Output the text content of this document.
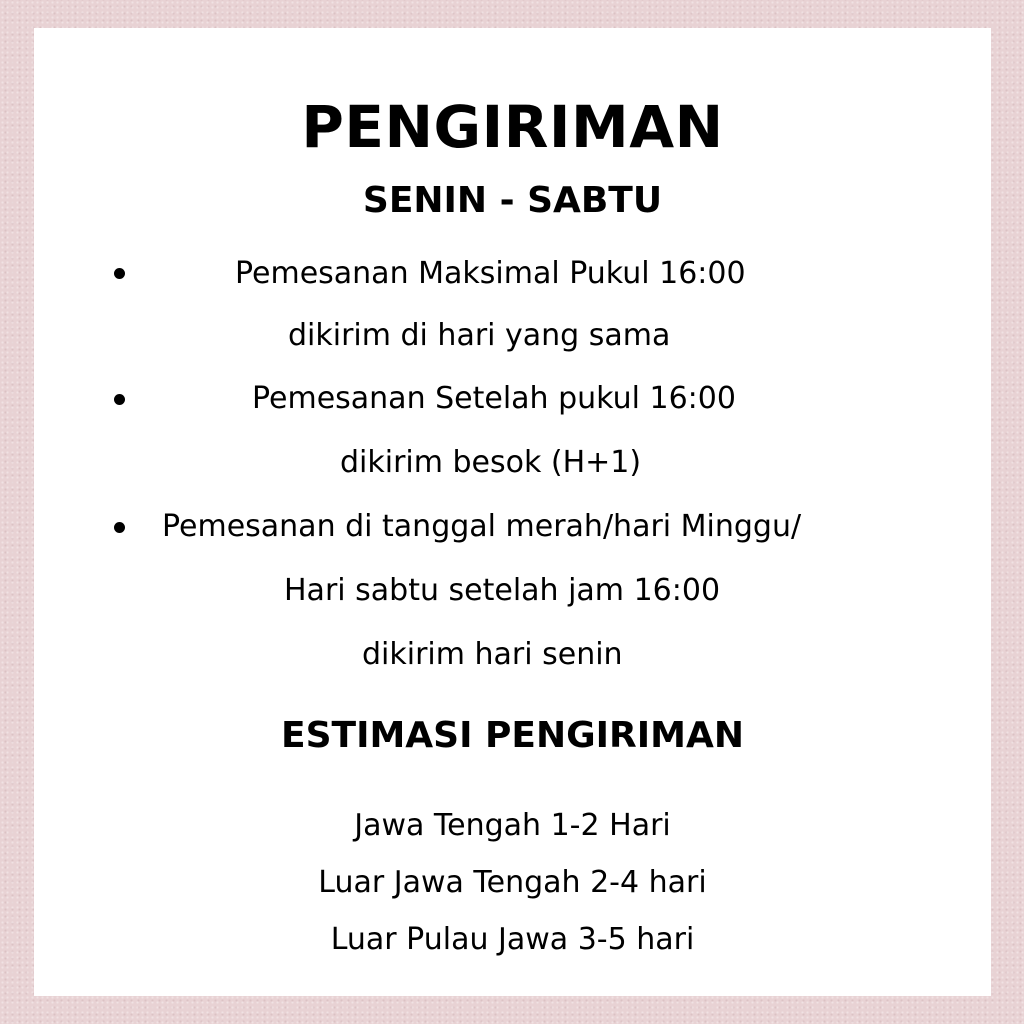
PENGIRIMAN
SENIN - SABTU
Pemesanan Maksimal Pukul 16:00
dikirim di hari yang sama
Pemesanan Setelah pukul 16:00
dikirim besok (H+1)
Pemesanan di tanggal merah/hari Minggu/
Hari sabtu setelah jam 16:00
dikirim hari senin
ESTIMASI PENGIRIMAN
Jawa Tengah 1-2 Hari
Luar Jawa Tengah 2-4 hari
Luar Pulau Jawa 3-5 hari
